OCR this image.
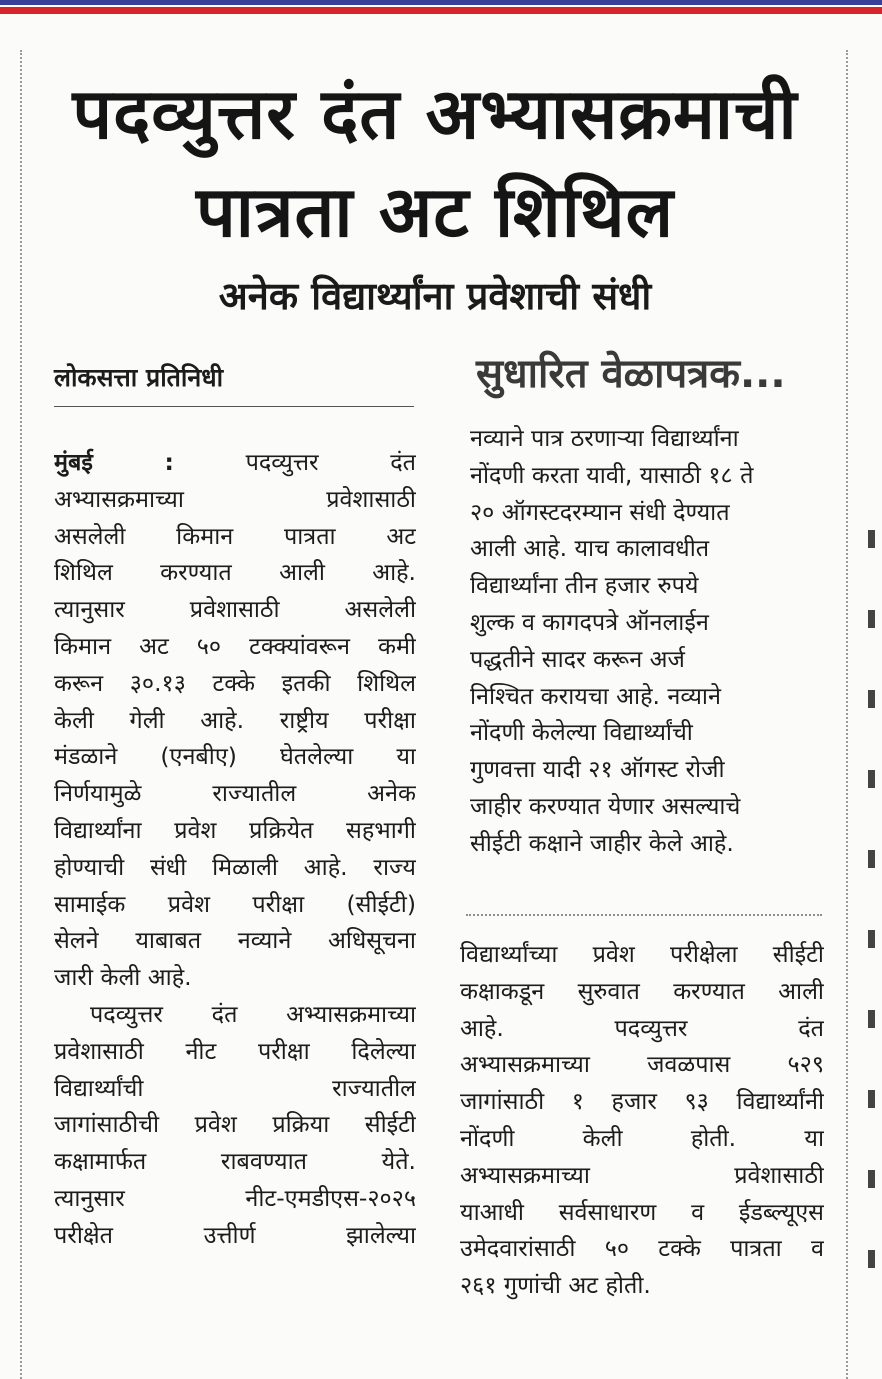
पदव्युत्तर दंत अभ्यासक्रमाची
पात्रता अट शिथिल
अनेक विद्यार्थ्यांना प्रवेशाची संधी
लोकसत्ता प्रतिनिधी
मुंबई	:	पदव्युत्तर दंत
अभ्यासक्रमाच्या प्रवेशासाठी
असलेली किमान पात्रता अट
शिथिल करण्यात आली आहे.
त्यानुसार प्रवेशासाठी असलेली
किमान अट ५० टक्क्यांवरून कमी
करून ३०.१३ टक्के इतकी शिथिल
केली गेली आहे. राष्ट्रीय परीक्षा
मंडळाने (एनबीए) घेतलेल्या या
निर्णयामुळे राज्यातील अनेक
विद्यार्थ्यांना प्रवेश प्रक्रियेत सहभागी
होण्याची संधी मिळाली आहे. राज्य
सामाईक प्रवेश परीक्षा (सीईटी)
सेलने याबाबत नव्याने अधिसूचना
जारी केली आहे.
पदव्युत्तर दंत अभ्यासक्रमाच्या
प्रवेशासाठी नीट परीक्षा दिलेल्या
विद्यार्थ्यांची राज्यातील
जागांसाठीची प्रवेश प्रक्रिया सीईटी
कक्षामार्फत राबवण्यात येते.
त्यानुसार नीट-एमडीएस-२०२५
परीक्षेत उत्तीर्ण झालेल्या
सुधारित वेळापत्रक...
नव्याने पात्र ठरणाऱ्या विद्यार्थ्यांना
नोंदणी करता यावी, यासाठी १८ ते
२० ऑगस्टदरम्यान संधी देण्यात
आली आहे. याच कालावधीत
विद्यार्थ्यांना तीन हजार रुपये
शुल्क व कागदपत्रे ऑनलाईन
पद्धतीने सादर करून अर्ज
निश्चित करायचा आहे. नव्याने
नोंदणी केलेल्या विद्यार्थ्यांची
गुणवत्ता यादी २१ ऑगस्ट रोजी
जाहीर करण्यात येणार असल्याचे
सीईटी कक्षाने जाहीर केले आहे.
विद्यार्थ्यांच्या प्रवेश परीक्षेला सीईटी
कक्षाकडून सुरुवात करण्यात आली
आहे. पदव्युत्तर दंत
अभ्यासक्रमाच्या जवळपास ५२९
जागांसाठी १ हजार ९३ विद्यार्थ्यांनी
नोंदणी केली होती. या
अभ्यासक्रमाच्या प्रवेशासाठी
याआधी सर्वसाधारण व ईडब्ल्यूएस
उमेदवारांसाठी ५० टक्के पात्रता व
२६१ गुणांची अट होती.
